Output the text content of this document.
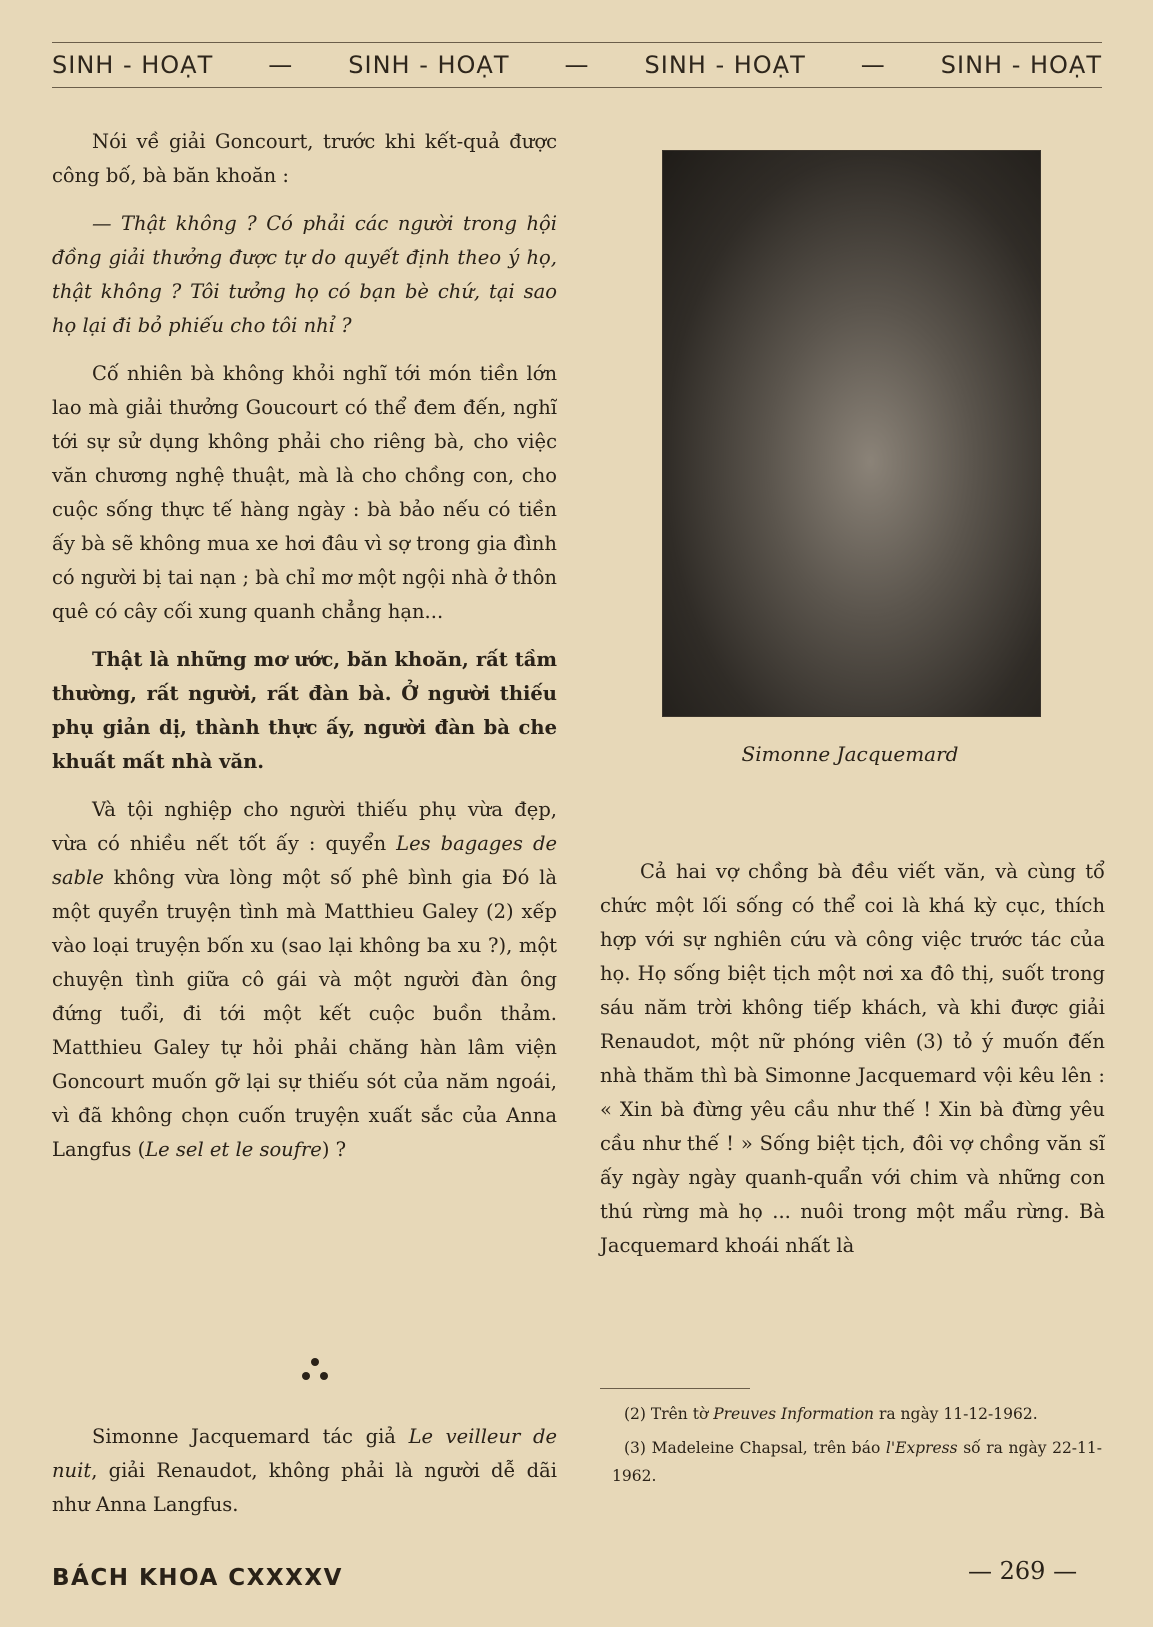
SINH - HOẠT — SINH - HOẠT — SINH - HOẠT — SINH - HOẠT

Nói về giải Goncourt, trước khi kết-quả được công bố, bà băn khoăn :

— Thật không ? Có phải các người trong hội đồng giải thưởng được tự do quyết định theo ý họ, thật không ? Tôi tưởng họ có bạn bè chứ, tại sao họ lại đi bỏ phiếu cho tôi nhỉ ?

Cố nhiên bà không khỏi nghĩ tới món tiền lớn lao mà giải thưởng Goucourt có thể đem đến, nghĩ tới sự sử dụng không phải cho riêng bà, cho việc văn chương nghệ thuật, mà là cho chồng con, cho cuộc sống thực tế hàng ngày : bà bảo nếu có tiền ấy bà sẽ không mua xe hơi đâu vì sợ trong gia đình có người bị tai nạn ; bà chỉ mơ một ngội nhà ở thôn quê có cây cối xung quanh chẳng hạn...

Thật là những mơ ước, băn khoăn, rất tầm thường, rất người, rất đàn bà. Ở người thiếu phụ giản dị, thành thực ấy, người đàn bà che khuất mất nhà văn.

Và tội nghiệp cho người thiếu phụ vừa đẹp, vừa có nhiều nết tốt ấy : quyển Les bagages de sable không vừa lòng một số phê bình gia Đó là một quyển truyện tình mà Matthieu Galey (2) xếp vào loại truyện bốn xu (sao lại không ba xu ?), một chuyện tình giữa cô gái và một người đàn ông đứng tuổi, đi tới một kết cuộc buồn thảm. Matthieu Galey tự hỏi phải chăng hàn lâm viện Goncourt muốn gỡ lại sự thiếu sót của năm ngoái, vì đã không chọn cuốn truyện xuất sắc của Anna Langfus (Le sel et le soufre) ?

Simonne Jacquemard tác giả Le veilleur de nuit, giải Renaudot, không phải là người dễ dãi như Anna Langfus.

Simonne Jacquemard

Cả hai vợ chồng bà đều viết văn, và cùng tổ chức một lối sống có thể coi là khá kỳ cục, thích hợp với sự nghiên cứu và công việc trước tác của họ. Họ sống biệt tịch một nơi xa đô thị, suốt trong sáu năm trời không tiếp khách, và khi được giải Renaudot, một nữ phóng viên (3) tỏ ý muốn đến nhà thăm thì bà Simonne Jacquemard vội kêu lên : « Xin bà đừng yêu cầu như thế ! Xin bà đừng yêu cầu như thế ! » Sống biệt tịch, đôi vợ chồng văn sĩ ấy ngày ngày quanh-quẩn với chim và những con thú rừng mà họ ... nuôi trong một mẩu rừng. Bà Jacquemard khoái nhất là

(2) Trên tờ Preuves Information ra ngày 11-12-1962.

(3) Madeleine Chapsal, trên báo l'Express số ra ngày 22-11-1962.

BÁCH KHOA CXXXXV	— 269 —
